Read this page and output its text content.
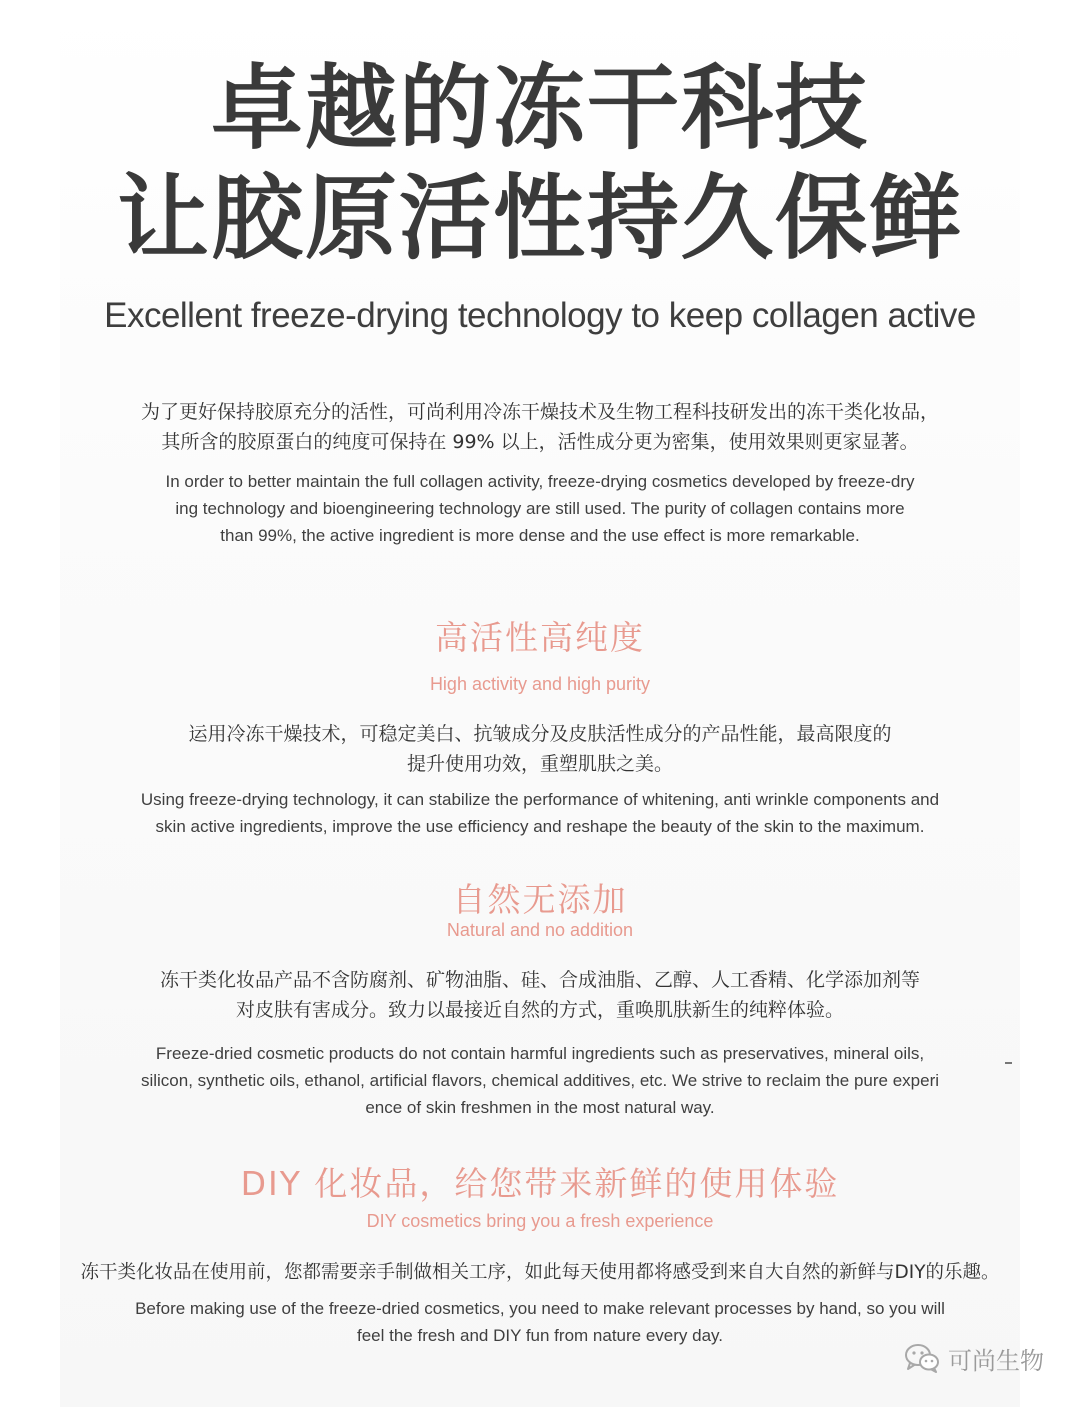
卓越的冻干科技
让胶原活性持久保鲜
Excellent freeze-drying technology to keep collagen active
为了更好保持胶原充分的活性，可尚利用冷冻干燥技术及生物工程科技研发出的冻干类化妆品，
其所含的胶原蛋白的纯度可保持在 99% 以上，活性成分更为密集，使用效果则更家显著。
In order to better maintain the full collagen activity, freeze-drying cosmetics developed by freeze-dry
ing technology and bioengineering technology are still used. The purity of collagen contains more
than 99%, the active ingredient is more dense and the use effect is more remarkable.
高活性高纯度
High activity and high purity
运用冷冻干燥技术，可稳定美白、抗皱成分及皮肤活性成分的产品性能，最高限度的
提升使用功效，重塑肌肤之美。
Using freeze-drying technology, it can stabilize the performance of whitening, anti wrinkle components and
skin active ingredients, improve the use efficiency and reshape the beauty of the skin to the maximum.
自然无添加
Natural and no addition
冻干类化妆品产品不含防腐剂、矿物油脂、硅、合成油脂、乙醇、人工香精、化学添加剂等
对皮肤有害成分。致力以最接近自然的方式，重唤肌肤新生的纯粹体验。
Freeze-dried cosmetic products do not contain harmful ingredients such as preservatives, mineral oils,
silicon, synthetic oils, ethanol, artificial flavors, chemical additives, etc. We strive to reclaim the pure experi
ence of skin freshmen in the most natural way.
DIY 化妆品，给您带来新鲜的使用体验
DIY cosmetics bring you a fresh experience
冻干类化妆品在使用前，您都需要亲手制做相关工序，如此每天使用都将感受到来自大自然的新鲜与DIY的乐趣。
Before making use of the freeze-dried cosmetics, you need to make relevant processes by hand, so you will
feel the fresh and DIY fun from nature every day.
可尚生物
